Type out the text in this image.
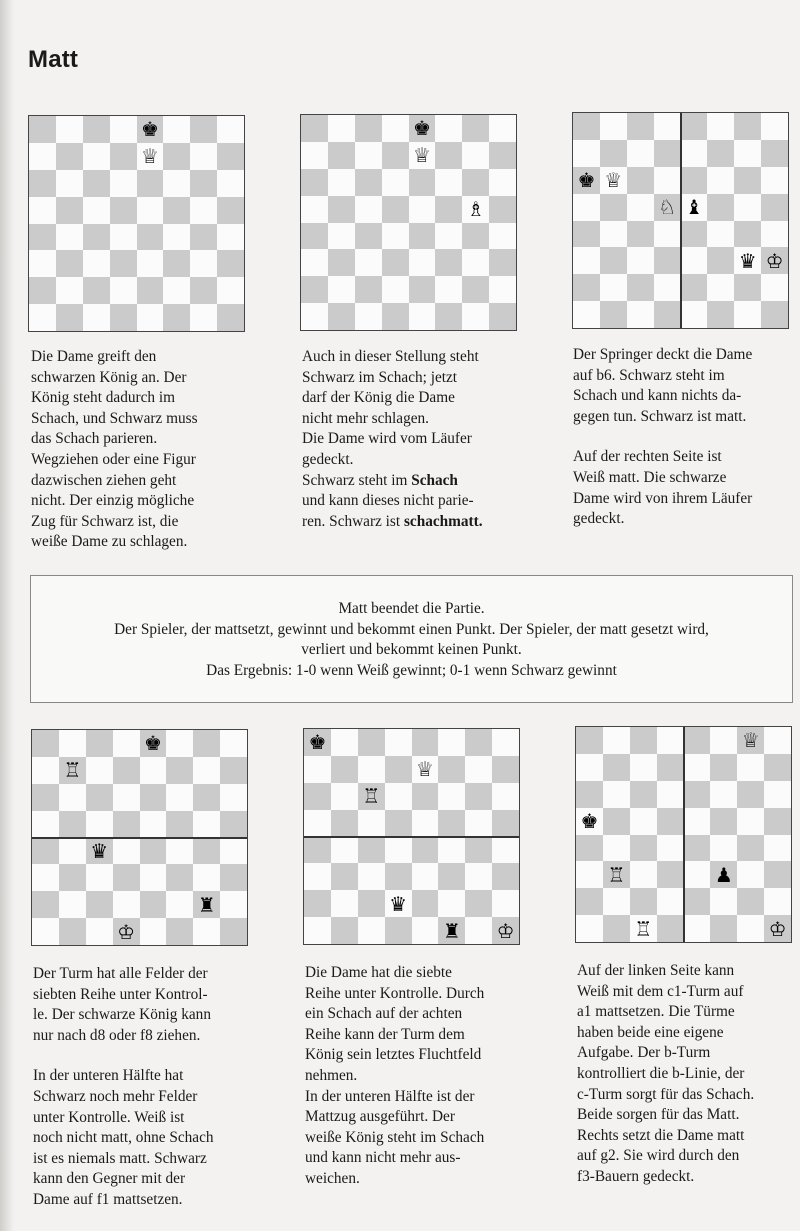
Matt
♚
♕
♚
♕
♗
♚ ♕
♘ ♝
♛ ♔
♚
♖
♛
♜
♔
♚
♕
♖
♛
♜ ♔
♕
♚
♖	♟
♖	♔
Die Dame greift den
schwarzen König an. Der
König steht dadurch im
Schach, und Schwarz muss
das Schach parieren.
Wegziehen oder eine Figur
dazwischen ziehen geht
nicht. Der einzig mögliche
Zug für Schwarz ist, die
weiße Dame zu schlagen.
Auch in dieser Stellung steht
Schwarz im Schach; jetzt
darf der König die Dame
nicht mehr schlagen.
Die Dame wird vom Läufer
gedeckt.
Schwarz steht im Schach
und kann dieses nicht parie-
ren. Schwarz ist schachmatt.

Der Springer deckt die Dame
auf b6. Schwarz steht im
Schach und kann nichts da-
gegen tun. Schwarz ist matt.

Auf der rechten Seite ist
Weiß matt. Die schwarze
Dame wird von ihrem Läufer
gedeckt.

Matt beendet die Partie.
Der Spieler, der mattsetzt, gewinnt und bekommt einen Punkt. Der Spieler, der matt gesetzt wird,
verliert und bekommt keinen Punkt.
Das Ergebnis: 1-0 wenn Weiß gewinnt; 0-1 wenn Schwarz gewinnt

Der Turm hat alle Felder der
siebten Reihe unter Kontrol-
le. Der schwarze König kann
nur nach d8 oder f8 ziehen.

In der unteren Hälfte hat
Schwarz noch mehr Felder
unter Kontrolle. Weiß ist
noch nicht matt, ohne Schach
ist es niemals matt. Schwarz
kann den Gegner mit der
Dame auf f1 mattsetzen.

Die Dame hat die siebte
Reihe unter Kontrolle. Durch
ein Schach auf der achten
Reihe kann der Turm dem
König sein letztes Fluchtfeld
nehmen.
In der unteren Hälfte ist der
Mattzug ausgeführt. Der
weiße König steht im Schach
und kann nicht mehr aus-
weichen.
Auf der linken Seite kann
Weiß mit dem c1-Turm auf
a1 mattsetzen. Die Türme
haben beide eine eigene
Aufgabe. Der b-Turm
kontrolliert die b-Linie, der
c-Turm sorgt für das Schach.
Beide sorgen für das Matt.
Rechts setzt die Dame matt
auf g2. Sie wird durch den
f3-Bauern gedeckt.
